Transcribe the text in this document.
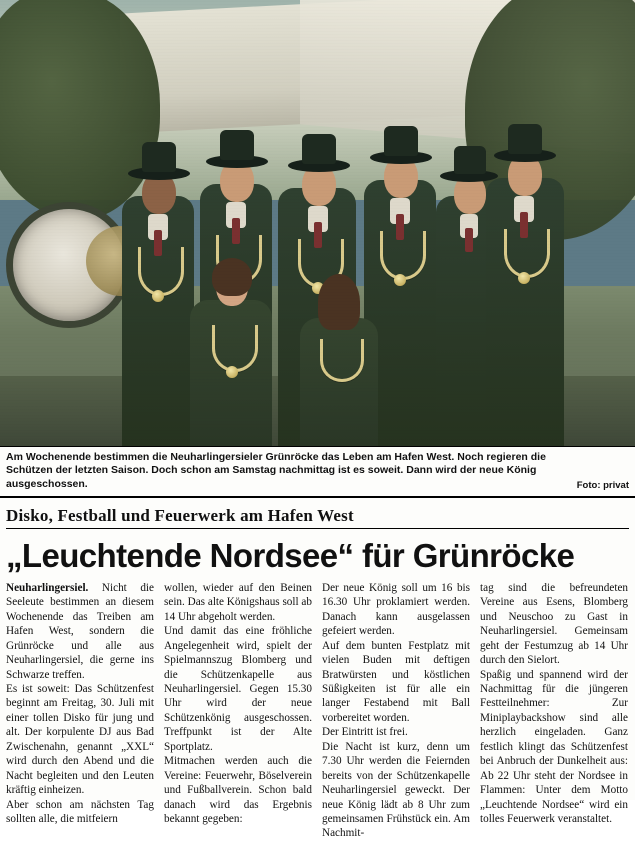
Am Wochenende bestimmen die Neuharlingersieler Grünröcke das Leben am Hafen West. Noch regieren die Schützen der letzten Saison. Doch schon am Samstag nachmittag ist es soweit. Dann wird der neue König ausgeschossen.	Foto: privat
Disko, Festball und Feuerwerk am Hafen West
„Leuchtende Nordsee“ für Grünröcke

Neuharlingersiel. Nicht die Seeleute bestimmen an diesem Wochenende das Treiben am Hafen West, sondern die Grünröcke und alle aus Neuharlingersiel, die gerne ins Schwarze treffen.

Es ist soweit: Das Schützenfest beginnt am Freitag, 30. Juli mit einer tollen Disko für jung und alt. Der korpulente DJ aus Bad Zwischenahn, genannt „XXL“ wird durch den Abend und die Nacht begleiten und den Leuten kräftig einheizen.

Aber schon am nächsten Tag sollten alle, die mitfeiern

wollen, wieder auf den Beinen sein. Das alte Königshaus soll ab 14 Uhr abgeholt werden.

Und damit das eine fröhliche Angelegenheit wird, spielt der Spielmannszug Blomberg und die Schützenkapelle aus Neuharlingersiel. Gegen 15.30 Uhr wird der neue Schützenkönig ausgeschossen. Treffpunkt ist der Alte Sportplatz.

Mitmachen werden auch die Vereine: Feuerwehr, Böselverein und Fußballverein. Schon bald danach wird das Ergebnis bekannt gegeben:

Der neue König soll um 16 bis 16.30 Uhr proklamiert werden. Danach kann ausgelassen gefeiert werden.

Auf dem bunten Festplatz mit vielen Buden mit deftigen Bratwürsten und köstlichen Süßigkeiten ist für alle ein langer Festabend mit Ball vorbereitet worden.

Der Eintritt ist frei.

Die Nacht ist kurz, denn um 7.30 Uhr werden die Feiernden bereits von der Schützenkapelle Neuharlingersiel geweckt. Der neue König lädt ab 8 Uhr zum gemeinsamen Frühstück ein. Am Nachmit-

tag sind die befreundeten Vereine aus Esens, Blomberg und Neuschoo zu Gast in Neuharlingersiel. Gemeinsam geht der Festumzug ab 14 Uhr durch den Sielort.

Spaßig und spannend wird der Nachmittag für die jüngeren Festteilnehmer: Zur Miniplaybackshow sind alle herzlich eingeladen. Ganz festlich klingt das Schützenfest bei Anbruch der Dunkelheit aus: Ab 22 Uhr steht der Nordsee in Flammen: Unter dem Motto „Leuchtende Nordsee“ wird ein tolles Feuerwerk veranstaltet.
